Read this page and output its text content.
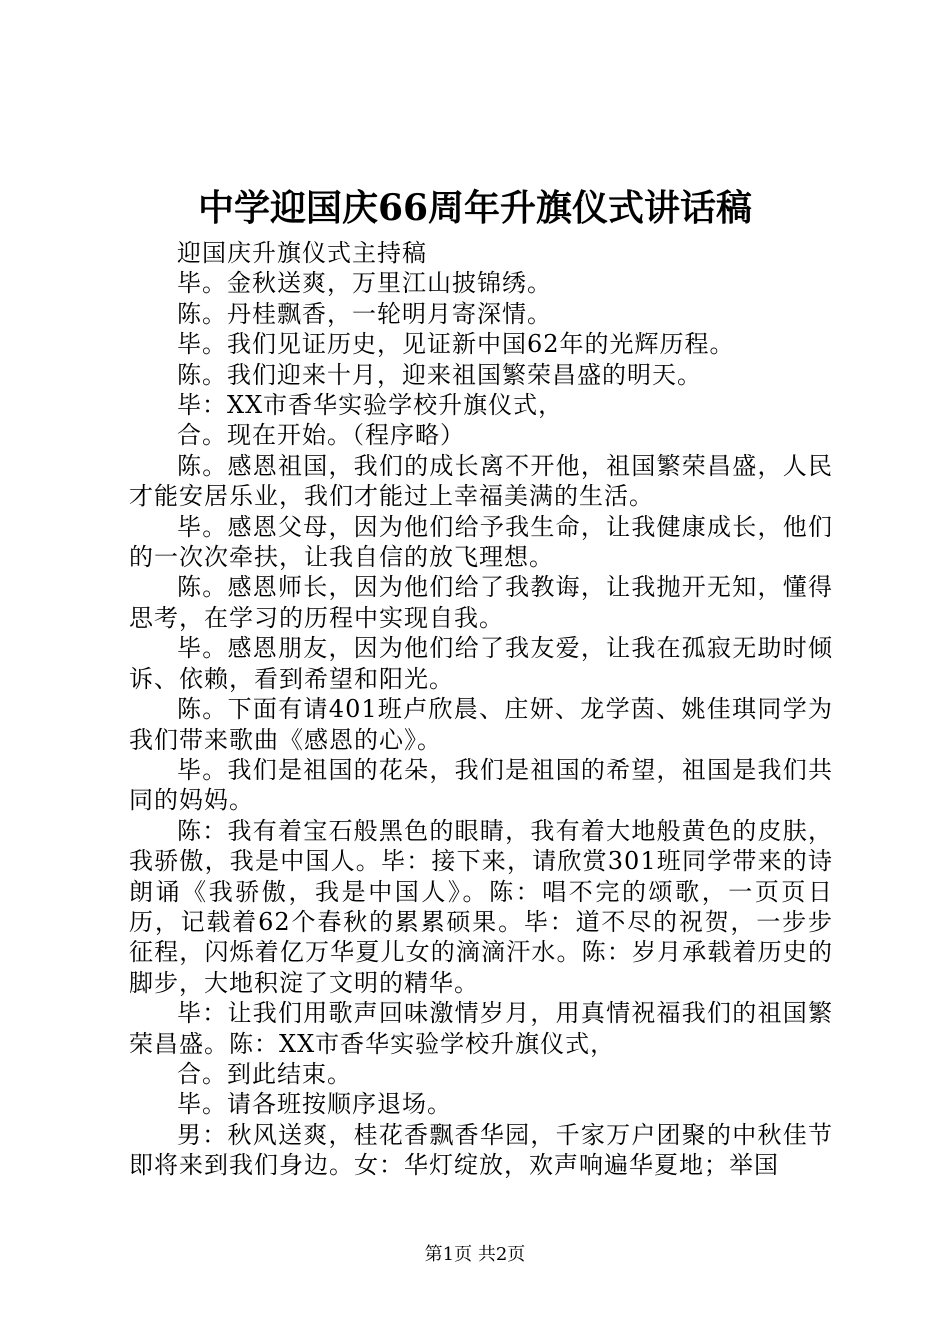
中学迎国庆66周年升旗仪式讲话稿

迎国庆升旗仪式主持稿

毕。金秋送爽，万里江山披锦绣。

陈。丹桂飘香，一轮明月寄深情。

毕。我们见证历史，见证新中国62年的光辉历程。

陈。我们迎来十月，迎来祖国繁荣昌盛的明天。

毕：XX市香华实验学校升旗仪式，

合。现在开始。（程序略）

陈。感恩祖国，我们的成长离不开他，祖国繁荣昌盛，人民才能安居乐业，我们才能过上幸福美满的生活。

毕。感恩父母，因为他们给予我生命，让我健康成长，他们的一次次牵扶，让我自信的放飞理想。

陈。感恩师长，因为他们给了我教诲，让我抛开无知，懂得思考，在学习的历程中实现自我。

毕。感恩朋友，因为他们给了我友爱，让我在孤寂无助时倾诉、依赖，看到希望和阳光。

陈。下面有请401班卢欣晨、庄妍、龙学茵、姚佳琪同学为我们带来歌曲《感恩的心》。

毕。我们是祖国的花朵，我们是祖国的希望，祖国是我们共同的妈妈。

陈：我有着宝石般黑色的眼睛，我有着大地般黄色的皮肤，我骄傲，我是中国人。毕：接下来，请欣赏301班同学带来的诗朗诵《我骄傲，我是中国人》。陈：唱不完的颂歌，一页页日历，记载着62个春秋的累累硕果。毕：道不尽的祝贺，一步步征程，闪烁着亿万华夏儿女的滴滴汗水。陈：岁月承载着历史的脚步，大地积淀了文明的精华。

毕：让我们用歌声回味激情岁月，用真情祝福我们的祖国繁荣昌盛。陈：XX市香华实验学校升旗仪式，

合。到此结束。

毕。请各班按顺序退场。

男：秋风送爽，桂花香飘香华园，千家万户团聚的中秋佳节即将来到我们身边。女：华灯绽放，欢声响遍华夏地；举国

第1页 共2页
